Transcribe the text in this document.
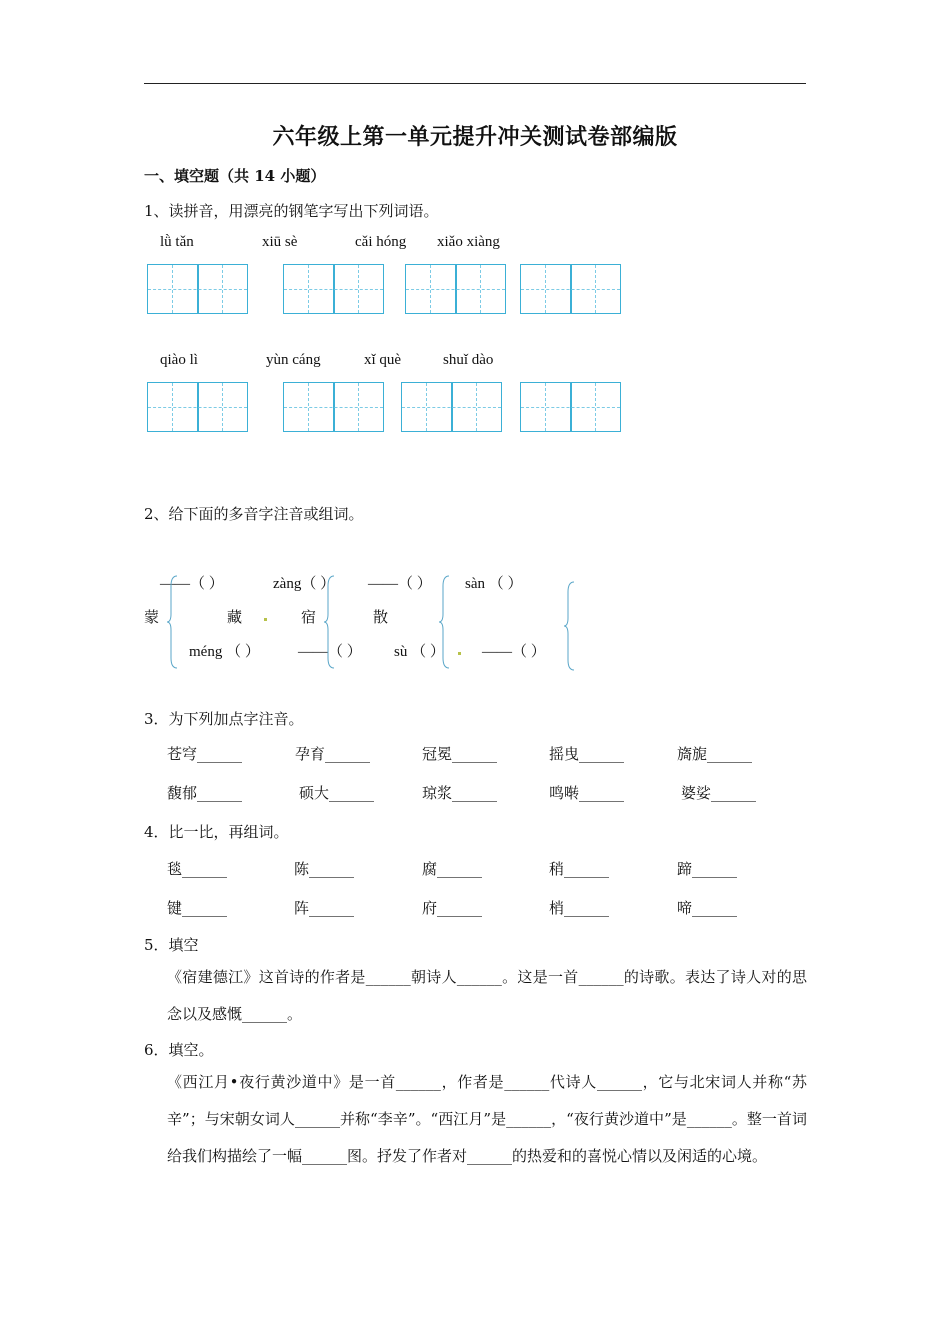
六年级上第一单元提升冲关测试卷部编版
一、填空题（共 14 小题）
1、读拼音，用漂亮的钢笔字写出下列词语。
lǜ tǎn	xiū sè	cǎi hóng xiǎo xiàng
qiào lì	yùn cáng	xǐ què	shuǐ dào
2、给下面的多音字注音或组词。
——（ ）	zàng（ ） ——（ ） sàn （ ）
蒙	藏	宿	散
méng （ ）	——（ ） sù （ ） ——（ ）
3．为下列加点字注音。
苍穹______	孕育______	冠冕______	摇曳______	旖旎______
馥郁______	硕大______	琼浆______	鸣啭______	婆娑______
4．比一比，再组词。
毯______	陈______	腐______	稍______	蹄______
键______	阵______	府______	梢______	啼______
5．填空
《宿建德江》这首诗的作者是______朝诗人______。这是一首______的诗歌。表达了诗人对的思念以及感慨______。
6．填空。
《西江月•夜行黄沙道中》是一首______，作者是______代诗人______，它与北宋词人并称“苏辛”；与宋朝女词人______并称“李辛”。“西江月”是______，“夜行黄沙道中”是______。整一首词给我们构描绘了一幅______图。抒发了作者对______的热爱和的喜悦心情以及闲适的心境。
